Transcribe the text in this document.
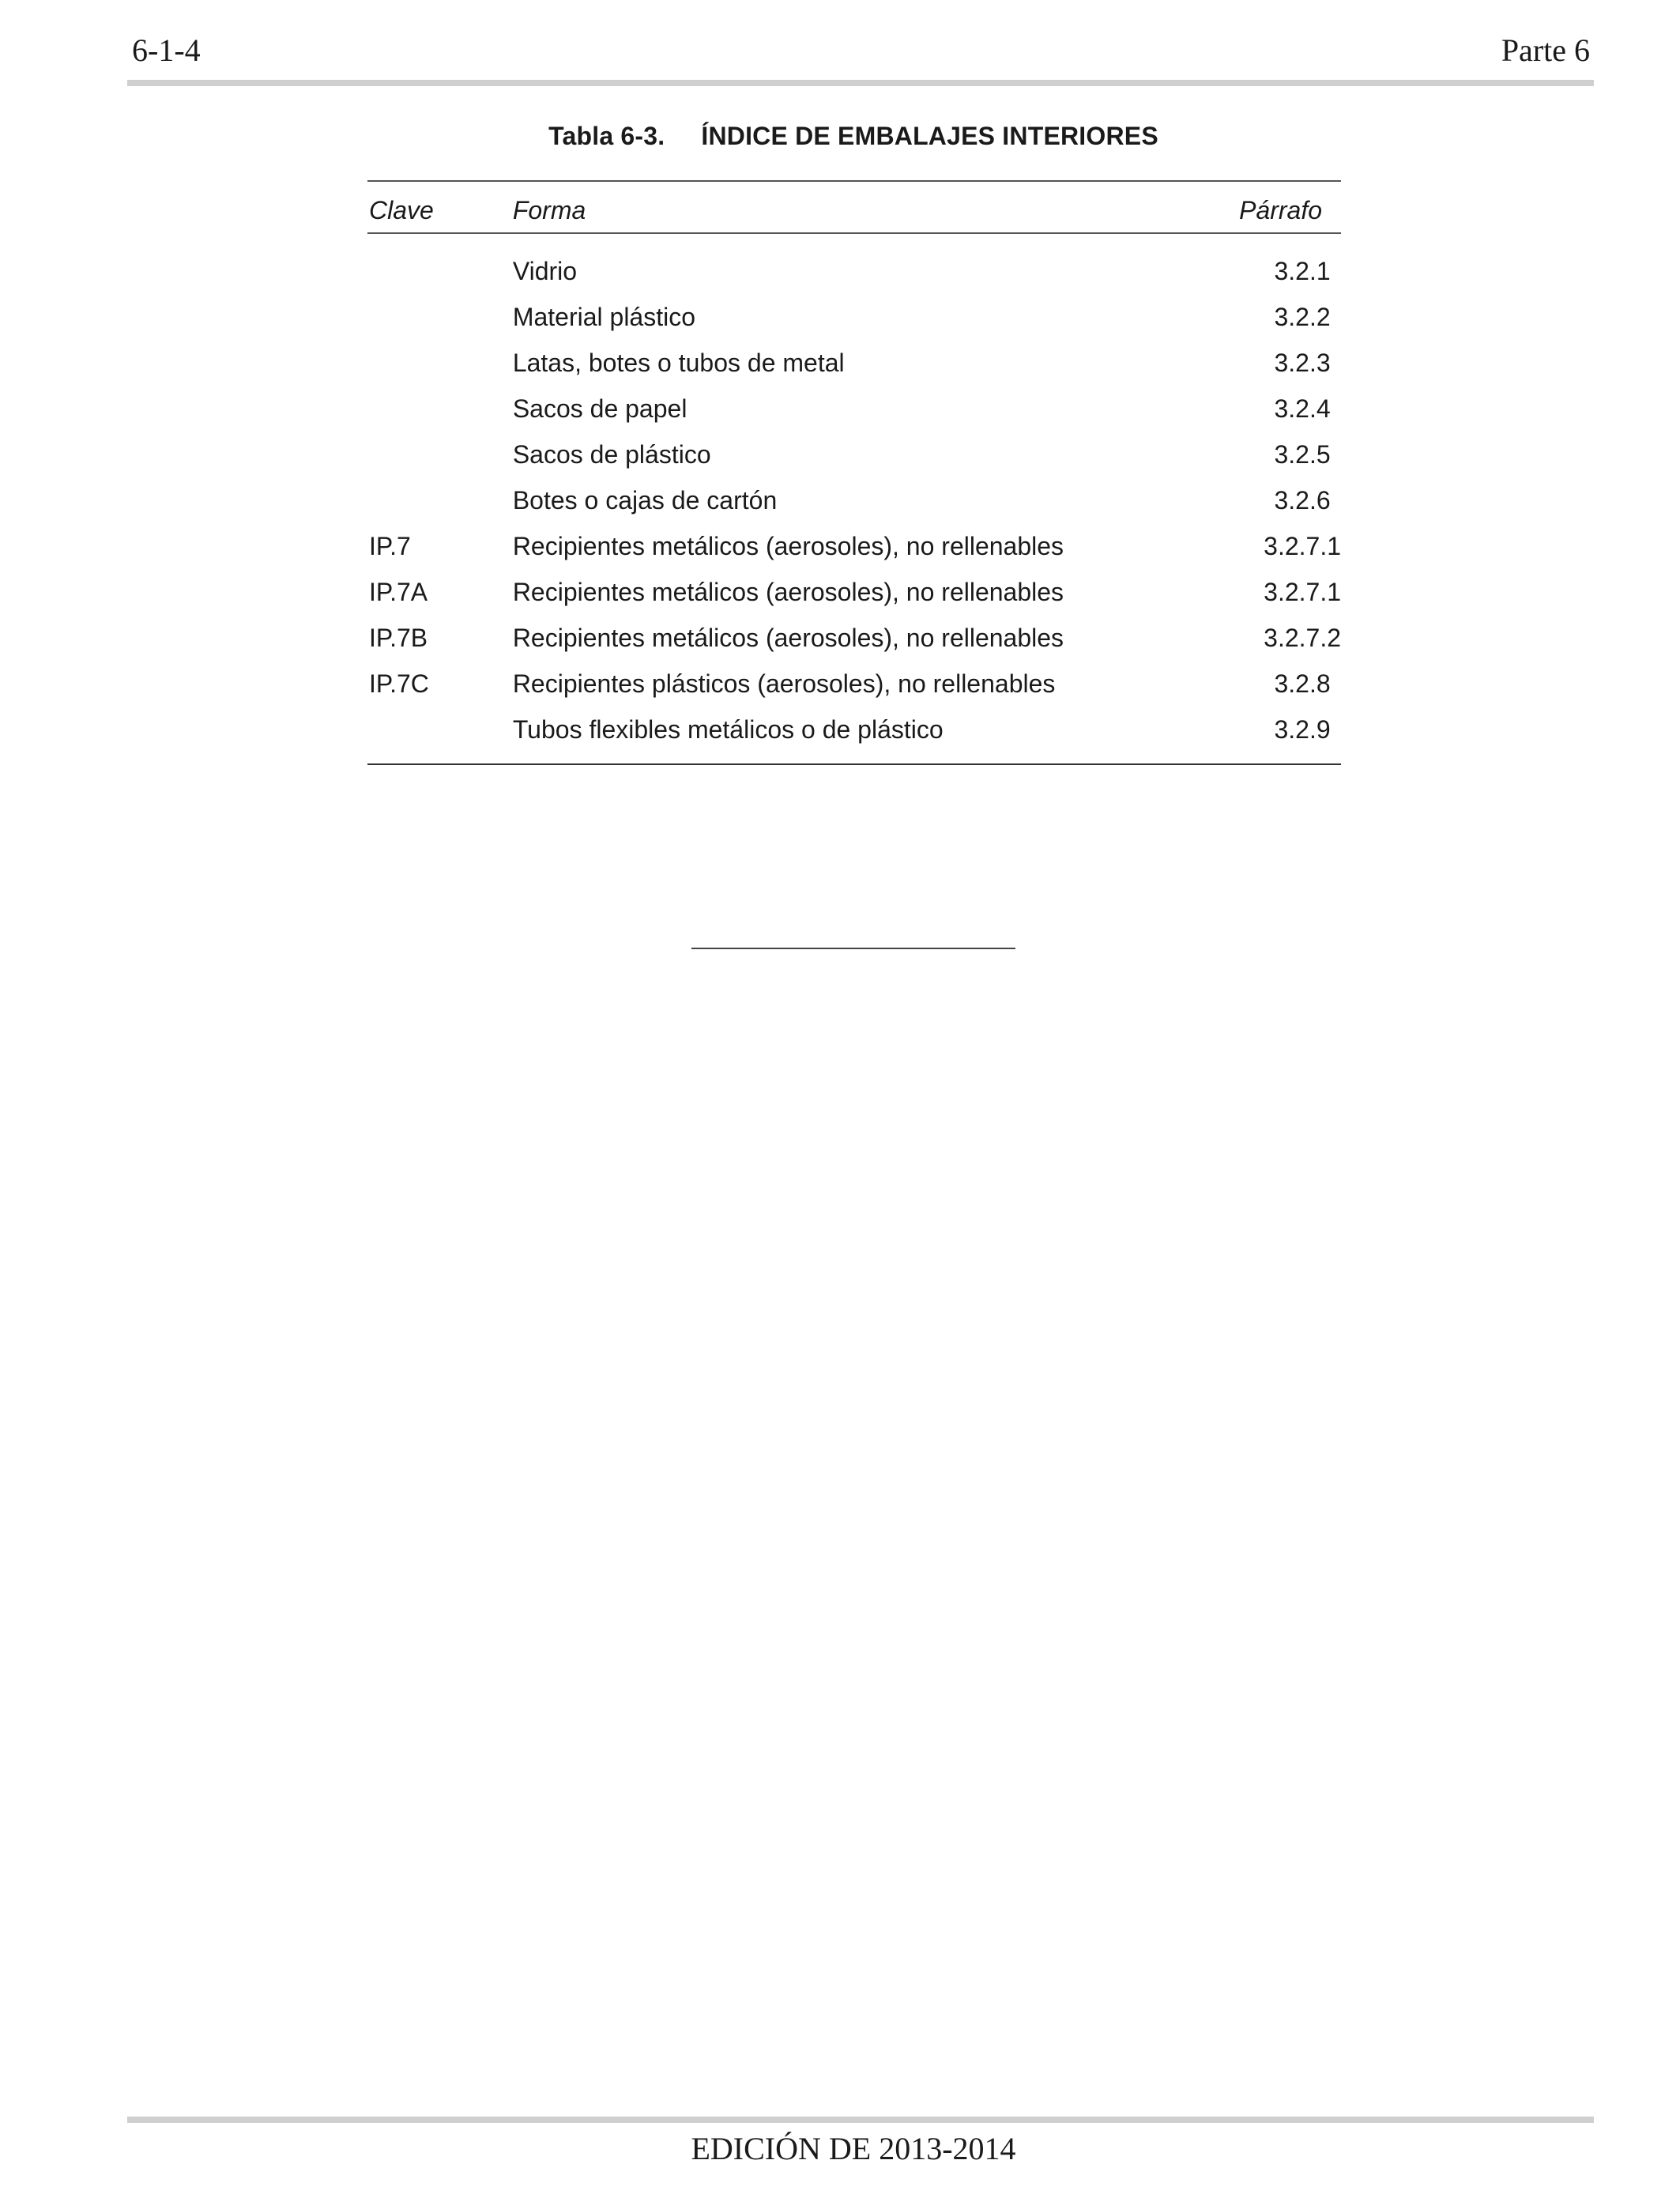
6-1-4	Parte 6
Tabla 6-3. ÍNDICE DE EMBALAJES INTERIORES
Clave	Forma	Párrafo
	Vidrio	3.2.1
	Material plástico	3.2.2
	Latas, botes o tubos de metal	3.2.3
	Sacos de papel	3.2.4
	Sacos de plástico	3.2.5
	Botes o cajas de cartón	3.2.6
IP.7	Recipientes metálicos (aerosoles), no rellenables	3.2.7.1
IP.7A	Recipientes metálicos (aerosoles), no rellenables	3.2.7.1
IP.7B	Recipientes metálicos (aerosoles), no rellenables	3.2.7.2
IP.7C	Recipientes plásticos (aerosoles), no rellenables	3.2.8
	Tubos flexibles metálicos o de plástico	3.2.9
EDICIÓN DE 2013-2014
